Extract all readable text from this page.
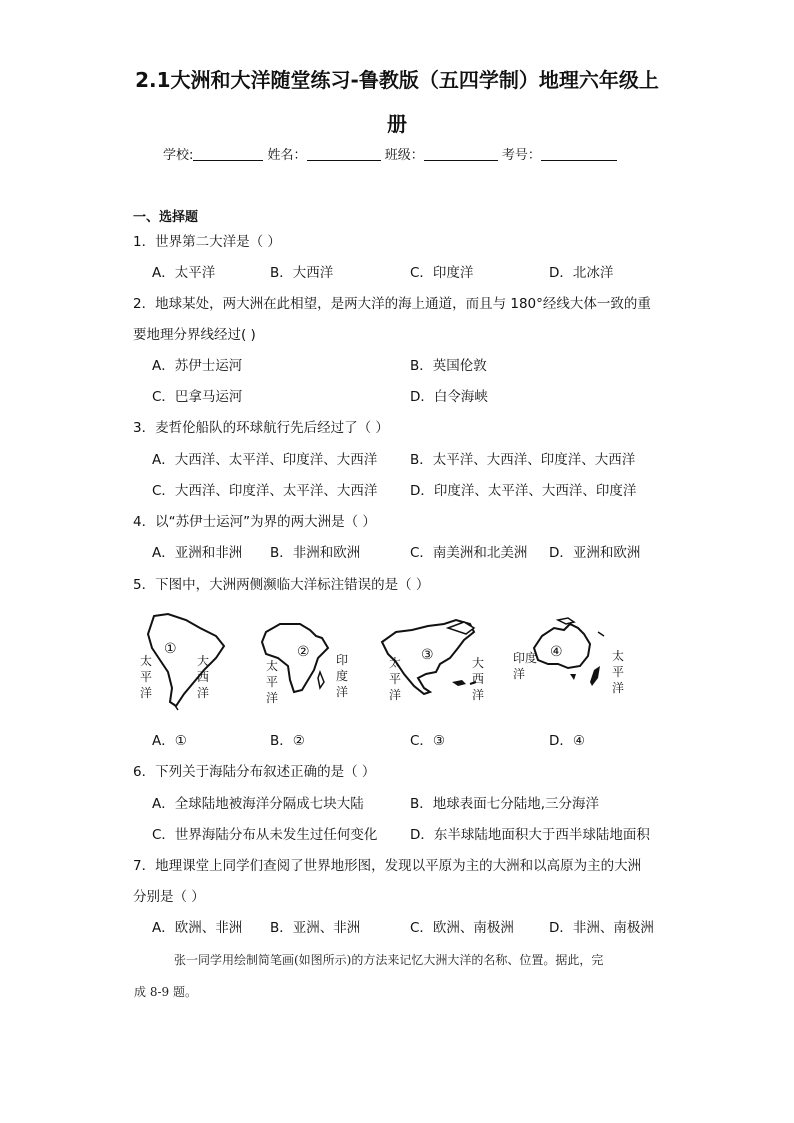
2.1大洲和大洋随堂练习-鲁教版（五四学制）地理六年级上
册
学校:	姓名：	班级：	考号：
一、选择题
1．世界第二大洋是（ ）
A．太平洋	B．大西洋	C．印度洋	D．北冰洋
2．地球某处，两大洲在此相望，是两大洋的海上通道，而且与 180°经线大体一致的重
要地理分界线经过( )
A．苏伊士运河	B．英国伦敦
C．巴拿马运河	D．白令海峡
3．麦哲伦船队的环球航行先后经过了（ ）
A．大西洋、太平洋、印度洋、大西洋 B．太平洋、大西洋、印度洋、大西洋
C．大西洋、印度洋、太平洋、大西洋 D．印度洋、太平洋、大西洋、印度洋
4．以“苏伊士运河”为界的两大洲是（ ）
A．亚洲和非洲 B．非洲和欧洲	C．南美洲和北美洲 D．亚洲和欧洲
5．下图中，大洲两侧濒临大洋标注错误的是（ ）
①
太平洋
大西洋
②
太平洋
印度洋
③
太平洋
大西洋
④
印度洋
太平洋
A．①	B．②	C．③	D．④
6．下列关于海陆分布叙述正确的是（ ）
A．全球陆地被海洋分隔成七块大陆	B．地球表面七分陆地,三分海洋
C．世界海陆分布从未发生过任何变化 D．东半球陆地面积大于西半球陆地面积
7．地理课堂上同学们查阅了世界地形图，发现以平原为主的大洲和以高原为主的大洲
分别是（ ）
A．欧洲、非洲 B．亚洲、非洲	C．欧洲、南极洲	D．非洲、南极洲
张一同学用绘制简笔画(如图所示)的方法来记忆大洲大洋的名称、位置。据此，完
成 8-9 题。
